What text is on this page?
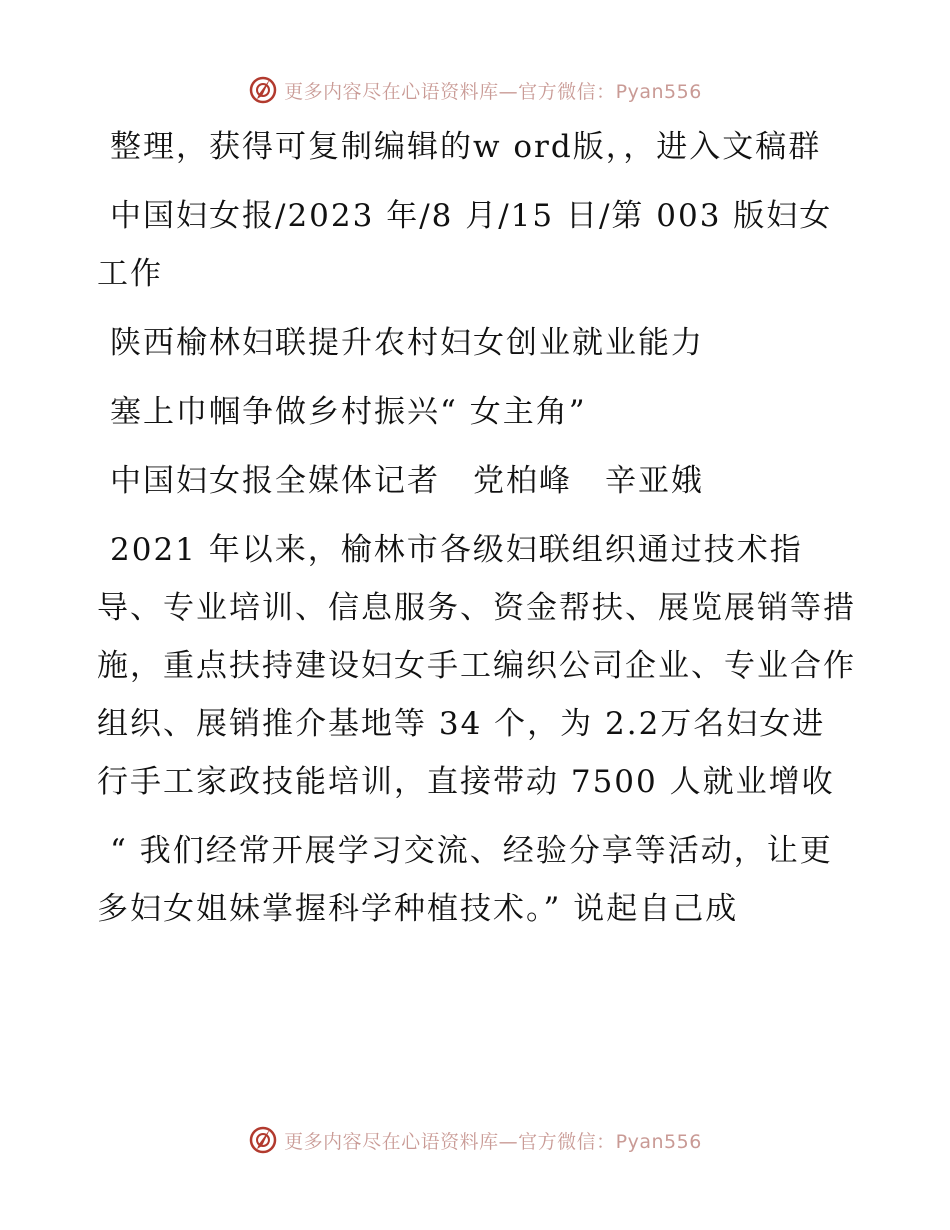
更多内容尽在心语资料库—官方微信：Pyan556

整理，获得可复制编辑的w ord版，，进入文稿群

中国妇女报/2023 年/8 月/15 日/第 003 版妇女工作

陕西榆林妇联提升农村妇女创业就业能力

塞上巾帼争做乡村振兴“ 女主角”

中国妇女报全媒体记者　党柏峰　辛亚娥

2021 年以来，榆林市各级妇联组织通过技术指导、专业培训、信息服务、资金帮扶、展览展销等措施，重点扶持建设妇女手工编织公司企业、专业合作组织、展销推介基地等 34 个，为 2.2万名妇女进行手工家政技能培训，直接带动 7500 人就业增收

“ 我们经常开展学习交流、经验分享等活动，让更多妇女姐妹掌握科学种植技术。” 说起自己成

更多内容尽在心语资料库—官方微信：Pyan556
